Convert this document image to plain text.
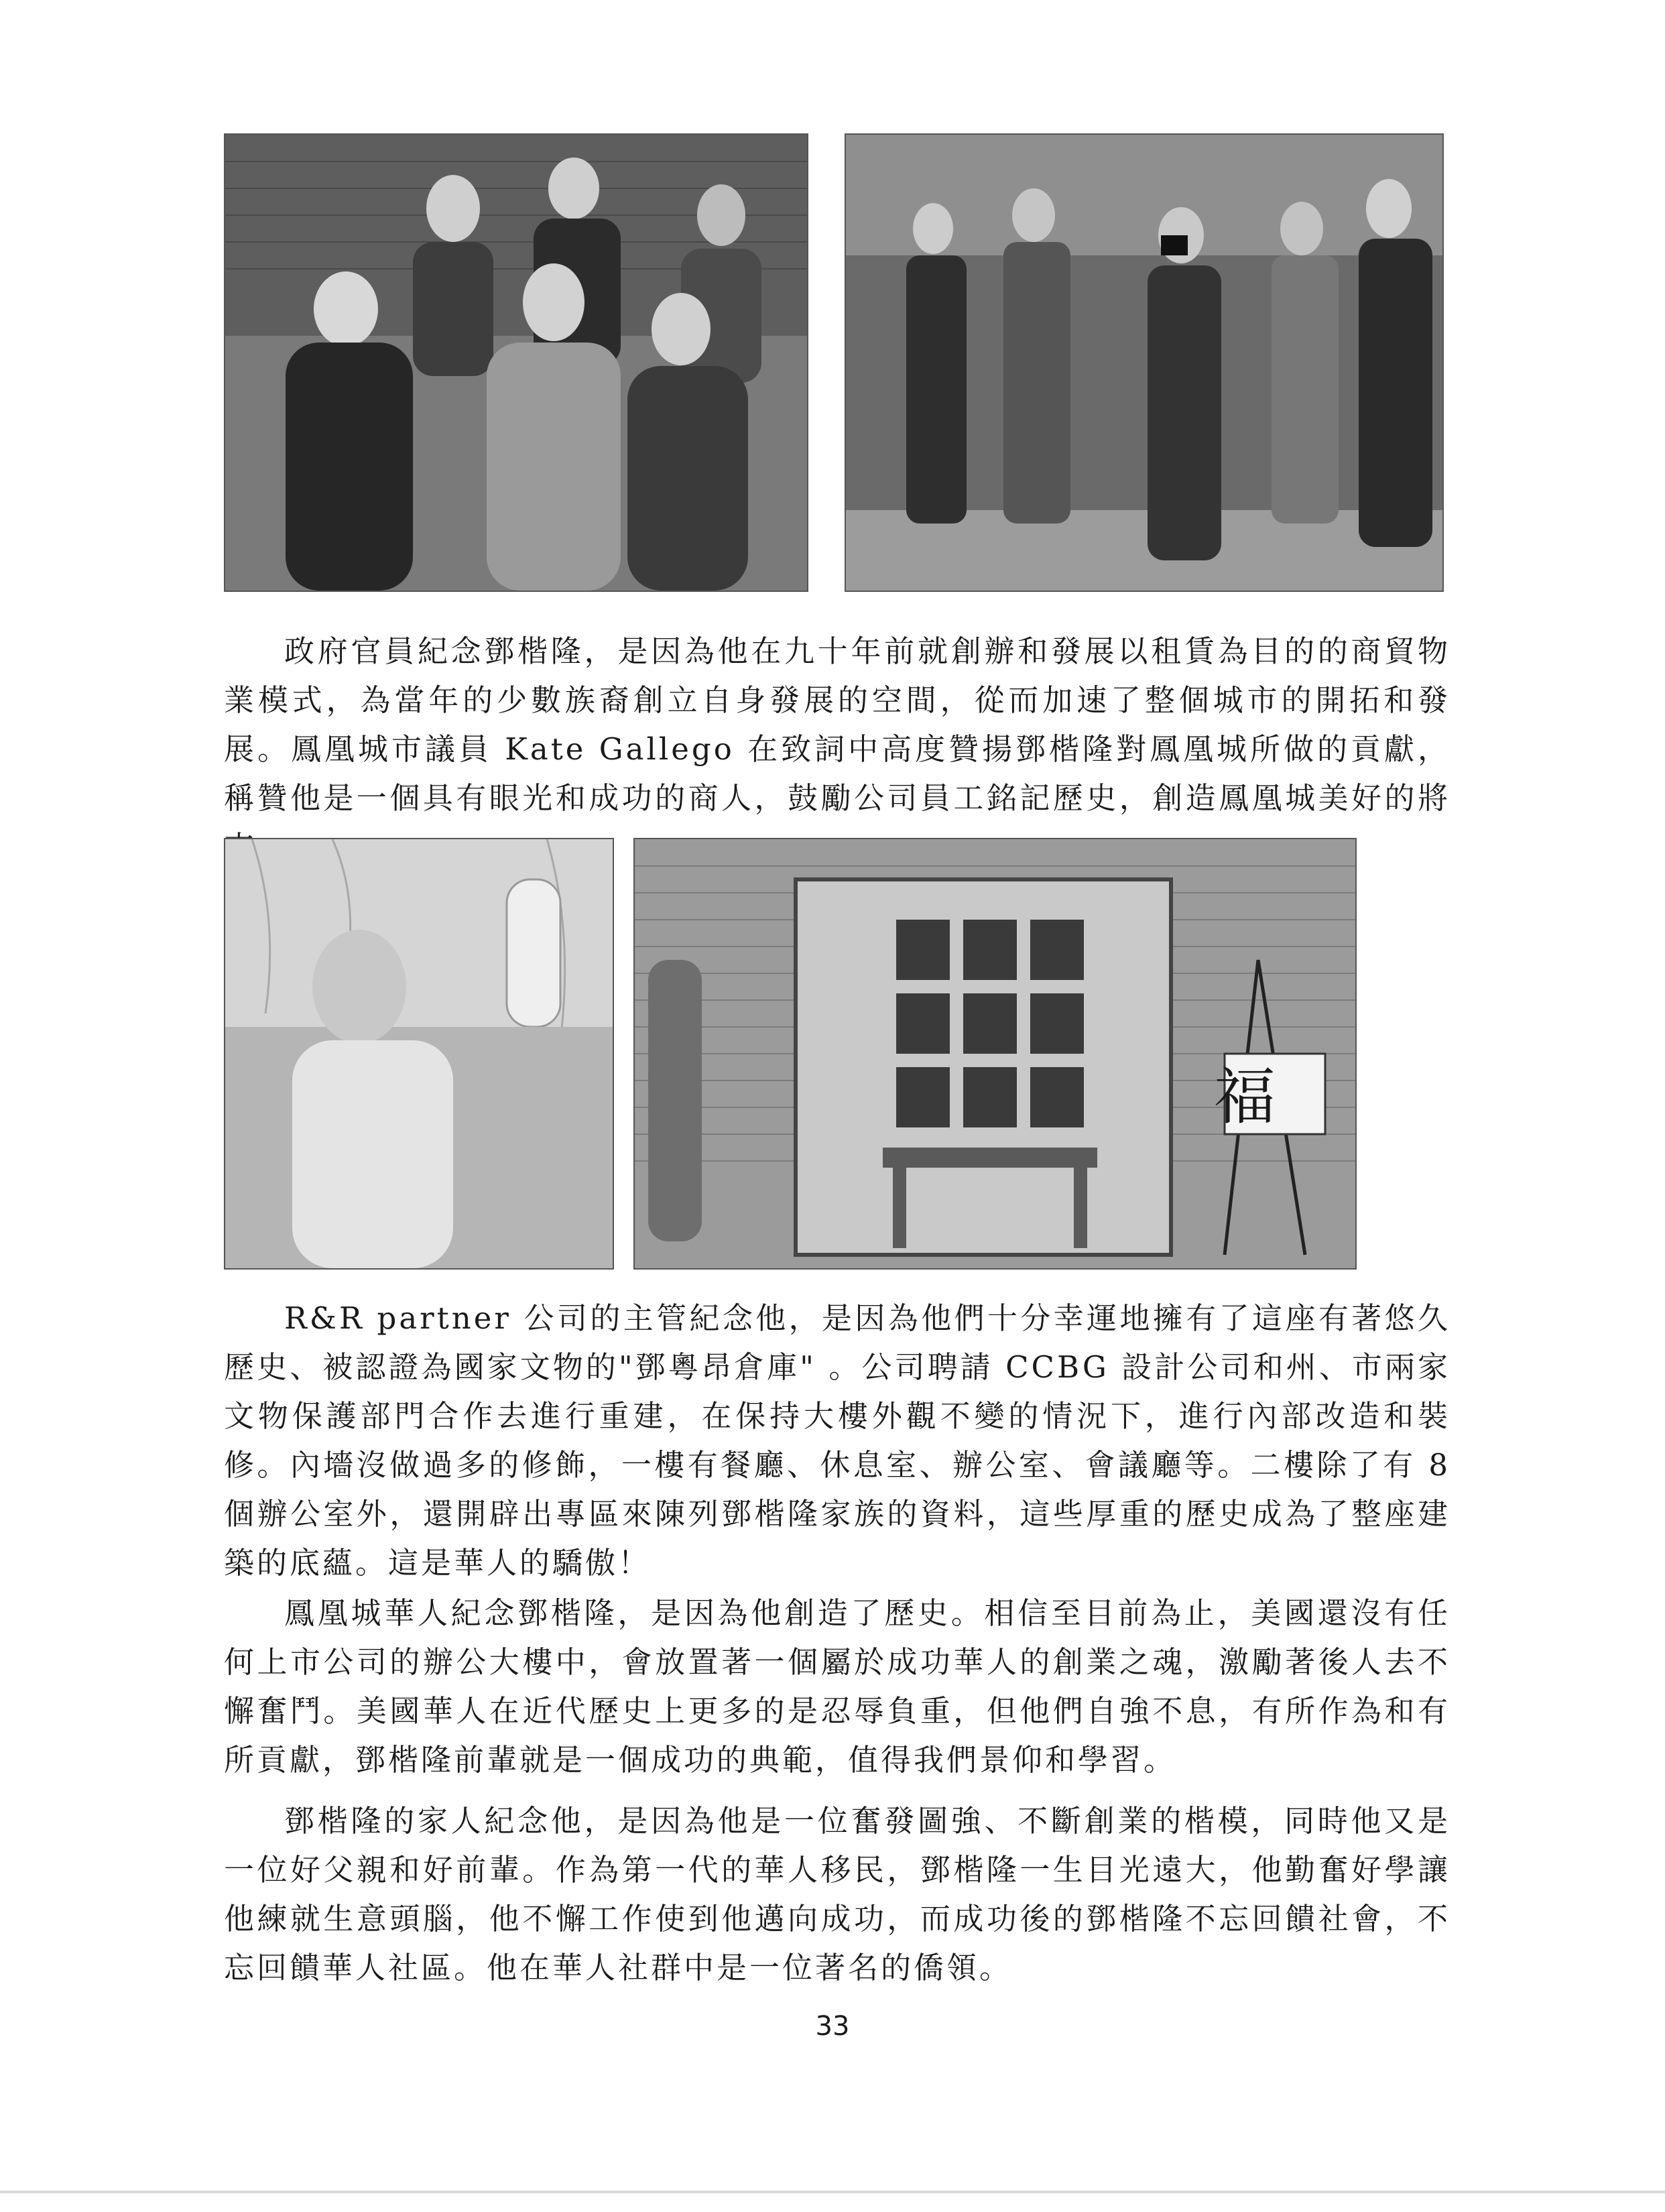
政府官員紀念鄧楷隆，是因為他在九十年前就創辦和發展以租賃為目的的商貿物業模式，為當年的少數族裔創立自身發展的空間，從而加速了整個城市的開拓和發展。鳳凰城市議員 Kate Gallego 在致詞中高度贊揚鄧楷隆對鳳凰城所做的貢獻，稱贊他是一個具有眼光和成功的商人，鼓勵公司員工銘記歷史，創造鳳凰城美好的將

福

R&R partner 公司的主管紀念他，是因為他們十分幸運地擁有了這座有著悠久歷史、被認證為國家文物的"鄧粵昂倉庫" 。公司聘請 CCBG 設計公司和州、市兩家文物保護部門合作去進行重建，在保持大樓外觀不變的情況下，進行內部改造和裝修。內墻沒做過多的修飾，一樓有餐廳、休息室、辦公室、會議廳等。二樓除了有 8 個辦公室外，還開辟出專區來陳列鄧楷隆家族的資料，這些厚重的歷史成為了整座建築的底蘊。這是華人的驕傲！

鳳凰城華人紀念鄧楷隆，是因為他創造了歷史。相信至目前為止，美國還沒有任何上市公司的辦公大樓中，會放置著一個屬於成功華人的創業之魂，激勵著後人去不懈奮鬥。美國華人在近代歷史上更多的是忍辱負重，但他們自強不息，有所作為和有所貢獻，鄧楷隆前輩就是一個成功的典範，值得我們景仰和學習。

鄧楷隆的家人紀念他，是因為他是一位奮發圖強、不斷創業的楷模，同時他又是一位好父親和好前輩。作為第一代的華人移民，鄧楷隆一生目光遠大，他勤奮好學讓他練就生意頭腦，他不懈工作使到他邁向成功，而成功後的鄧楷隆不忘回饋社會，不忘回饋華人社區。他在華人社群中是一位著名的僑領。

33
